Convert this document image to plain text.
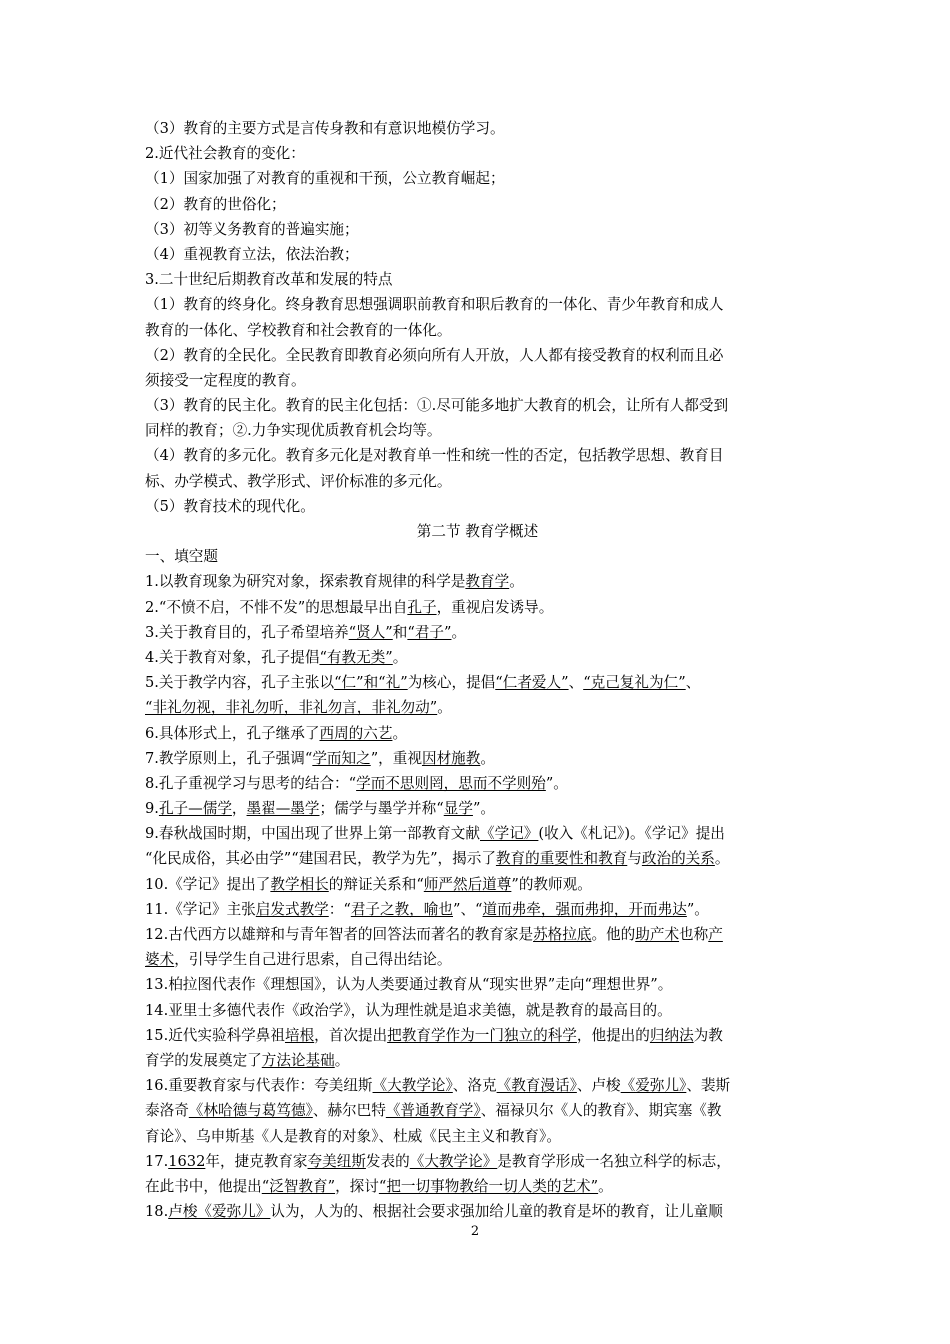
（3）教育的主要方式是言传身教和有意识地模仿学习。
2.近代社会教育的变化：
（1）国家加强了对教育的重视和干预，公立教育崛起；
（2）教育的世俗化；
（3）初等义务教育的普遍实施；
（4）重视教育立法，依法治教；
3.二十世纪后期教育改革和发展的特点
（1）教育的终身化。终身教育思想强调职前教育和职后教育的一体化、青少年教育和成人
教育的一体化、学校教育和社会教育的一体化。
（2）教育的全民化。全民教育即教育必须向所有人开放，人人都有接受教育的权利而且必
须接受一定程度的教育。
（3）教育的民主化。教育的民主化包括：①.尽可能多地扩大教育的机会，让所有人都受到
同样的教育；②.力争实现优质教育机会均等。
（4）教育的多元化。教育多元化是对教育单一性和统一性的否定，包括教学思想、教育目
标、办学模式、教学形式、评价标准的多元化。
（5）教育技术的现代化。
第二节 教育学概述
一、填空题
1.以教育现象为研究对象，探索教育规律的科学是教育学。
2.“不愤不启，不悱不发”的思想最早出自孔子，重视启发诱导。
3.关于教育目的，孔子希望培养“贤人”和“君子”。
4.关于教育对象，孔子提倡“有教无类”。
5.关于教学内容，孔子主张以“仁”和“礼”为核心，提倡“仁者爱人”、“克己复礼为仁”、
“非礼勿视，非礼勿听，非礼勿言，非礼勿动”。
6.具体形式上，孔子继承了西周的六艺。
7.教学原则上，孔子强调“学而知之”，重视因材施教。
8.孔子重视学习与思考的结合：“学而不思则罔，思而不学则殆”。
9.孔子—儒学，墨翟—墨学；儒学与墨学并称“显学”。
9.春秋战国时期，中国出现了世界上第一部教育文献《学记》(收入《札记》)。《学记》提出
“化民成俗，其必由学”“建国君民，教学为先”，揭示了教育的重要性和教育与政治的关系。
10.《学记》提出了教学相长的辩证关系和“师严然后道尊”的教师观。
11.《学记》主张启发式教学：“君子之教，喻也”、“道而弗牵，强而弗抑，开而弗达”。
12.古代西方以雄辩和与青年智者的回答法而著名的教育家是苏格拉底。他的助产术也称产
婆术，引导学生自己进行思索，自己得出结论。
13.柏拉图代表作《理想国》，认为人类要通过教育从“现实世界”走向“理想世界”。
14.亚里士多德代表作《政治学》，认为理性就是追求美德，就是教育的最高目的。
15.近代实验科学鼻祖培根，首次提出把教育学作为一门独立的科学，他提出的归纳法为教
育学的发展奠定了方法论基础。
16.重要教育家与代表作：夸美纽斯《大教学论》、洛克《教育漫话》、卢梭《爱弥儿》、裴斯
泰洛奇《林哈德与葛笃德》、赫尔巴特《普通教育学》、福禄贝尔《人的教育》、期宾塞《教
育论》、乌申斯基《人是教育的对象》、杜威《民主主义和教育》。
17.1632年，捷克教育家夸美纽斯发表的《大教学论》是教育学形成一名独立科学的标志，
在此书中，他提出“泛智教育”，探讨“把一切事物教给一切人类的艺术”。
18.卢梭《爱弥儿》认为，人为的、根据社会要求强加给儿童的教育是坏的教育，让儿童顺
2
